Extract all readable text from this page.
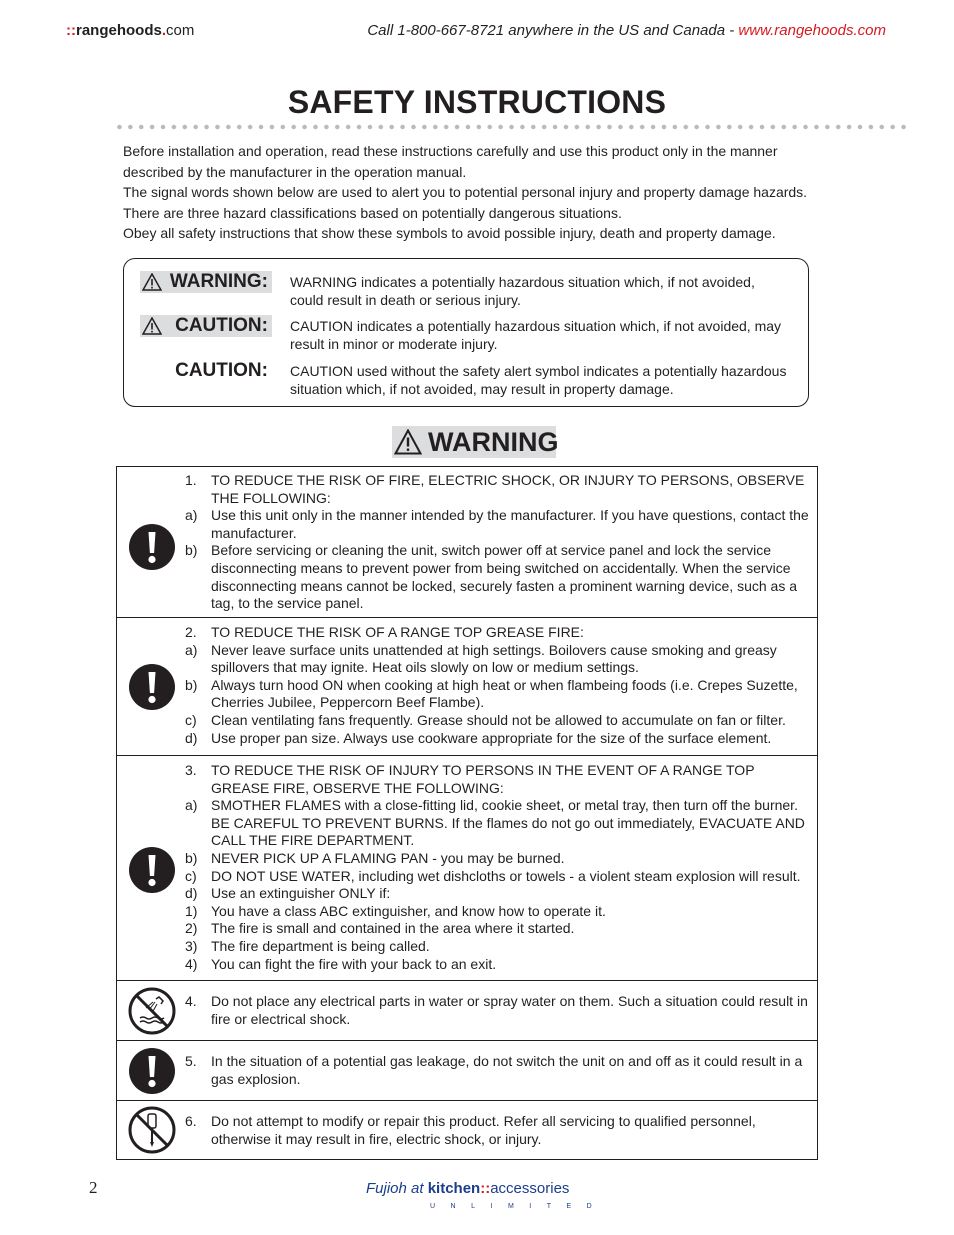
::rangehoods.com	Call 1-800-667-8721 anywhere in the US and Canada - www.rangehoods.com
SAFETY INSTRUCTIONS

Before installation and operation, read these instructions carefully and use this product only in the manner described by the manufacturer in the operation manual.

The signal words shown below are used to alert you to potential personal injury and property damage hazards.

There are three hazard classifications based on potentially dangerous situations.

Obey all safety instructions that show these symbols to avoid possible injury, death and property damage.

WARNING: WARNING indicates a potentially hazardous situation which, if not avoided, could result in death or serious injury.
CAUTION: CAUTION indicates a potentially hazardous situation which, if not avoided, may result in minor or moderate injury.
CAUTION: CAUTION used without the safety alert symbol indicates a potentially hazardous situation which, if not avoided, may result in property damage.
WARNING
1.	TO REDUCE THE RISK OF FIRE, ELECTRIC SHOCK, OR INJURY TO PERSONS, OBSERVE THE FOLLOWING:
a) Use this unit only in the manner intended by the manufacturer. If you have questions, contact the manufacturer.
b) Before servicing or cleaning the unit, switch power off at service panel and lock the service disconnecting means to prevent power from being switched on accidentally. When the service disconnecting means cannot be locked, securely fasten a prominent warning device, such as a tag, to the service panel.
2.	TO REDUCE THE RISK OF A RANGE TOP GREASE FIRE:
a) Never leave surface units unattended at high settings. Boilovers cause smoking and greasy spillovers that may ignite. Heat oils slowly on low or medium settings.
b) Always turn hood ON when cooking at high heat or when flambeing foods (i.e. Crepes Suzette, Cherries Jubilee, Peppercorn Beef Flambe).
c)	Clean ventilating fans frequently. Grease should not be allowed to accumulate on fan or filter.
d) Use proper pan size. Always use cookware appropriate for the size of the surface element.
3.	TO REDUCE THE RISK OF INJURY TO PERSONS IN THE EVENT OF A RANGE TOP GREASE FIRE, OBSERVE THE FOLLOWING:
a) SMOTHER FLAMES with a close-fitting lid, cookie sheet, or metal tray, then turn off the burner. BE CAREFUL TO PREVENT BURNS. If the flames do not go out immediately, EVACUATE AND CALL THE FIRE DEPARTMENT.
b) NEVER PICK UP A FLAMING PAN - you may be burned.
c)	DO NOT USE WATER, including wet dishcloths or towels - a violent steam explosion will result.
d) Use an extinguisher ONLY if:
1) You have a class ABC extinguisher, and know how to operate it.
2) The fire is small and contained in the area where it started.
3) The fire department is being called.
4) You can fight the fire with your back to an exit.
4.	Do not place any electrical parts in water or spray water on them. Such a situation could result in fire or electrical shock.
5.	In the situation of a potential gas leakage, do not switch the unit on and off as it could result in a gas explosion.
6.	Do not attempt to modify or repair this product. Refer all servicing to qualified personnel, otherwise it may result in fire, electric shock, or injury.
2	Fujioh at kitchen::accessories
UNLIMITED
